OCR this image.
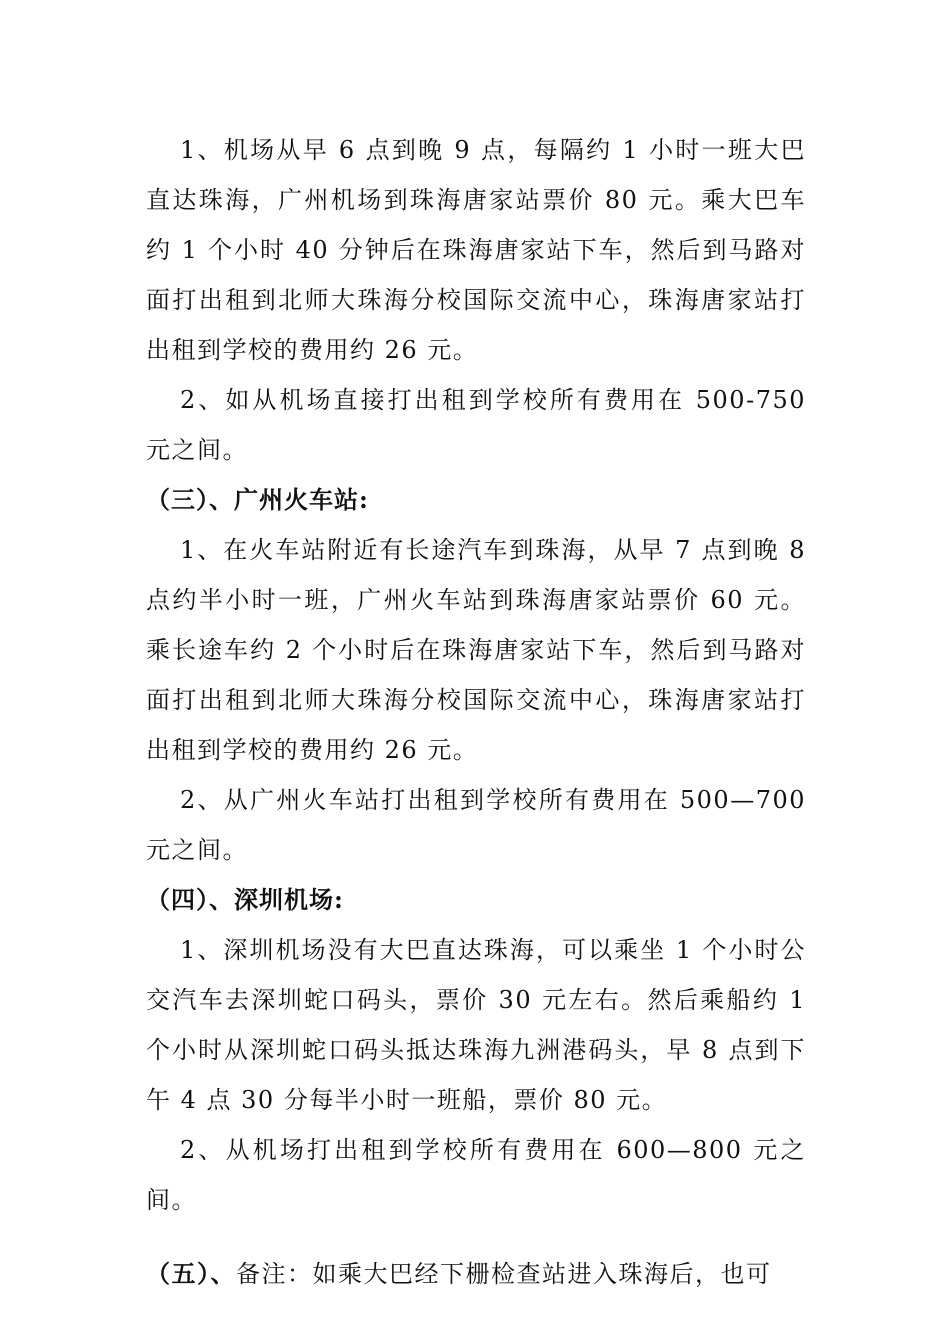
1、机场从早 6 点到晚 9 点，每隔约 1 小时一班大巴直达珠海，广州机场到珠海唐家站票价 80 元。乘大巴车约 1 个小时 40 分钟后在珠海唐家站下车，然后到马路对面打出租到北师大珠海分校国际交流中心，珠海唐家站打出租到学校的费用约 26 元。

2、如从机场直接打出租到学校所有费用在 500-750 元之间。

（三）、广州火车站:

1、在火车站附近有长途汽车到珠海，从早 7 点到晚 8 点约半小时一班，广州火车站到珠海唐家站票价 60 元。乘长途车约 2 个小时后在珠海唐家站下车，然后到马路对面打出租到北师大珠海分校国际交流中心，珠海唐家站打出租到学校的费用约 26 元。

2、从广州火车站打出租到学校所有费用在 500—700 元之间。

（四）、深圳机场:

1、深圳机场没有大巴直达珠海，可以乘坐 1 个小时公交汽车去深圳蛇口码头，票价 30 元左右。然后乘船约 1 个小时从深圳蛇口码头抵达珠海九洲港码头，早 8 点到下午 4 点 30 分每半小时一班船，票价 80 元。

2、从机场打出租到学校所有费用在 600—800 元之间。

（五）、备注：如乘大巴经下栅检查站进入珠海后，也可
